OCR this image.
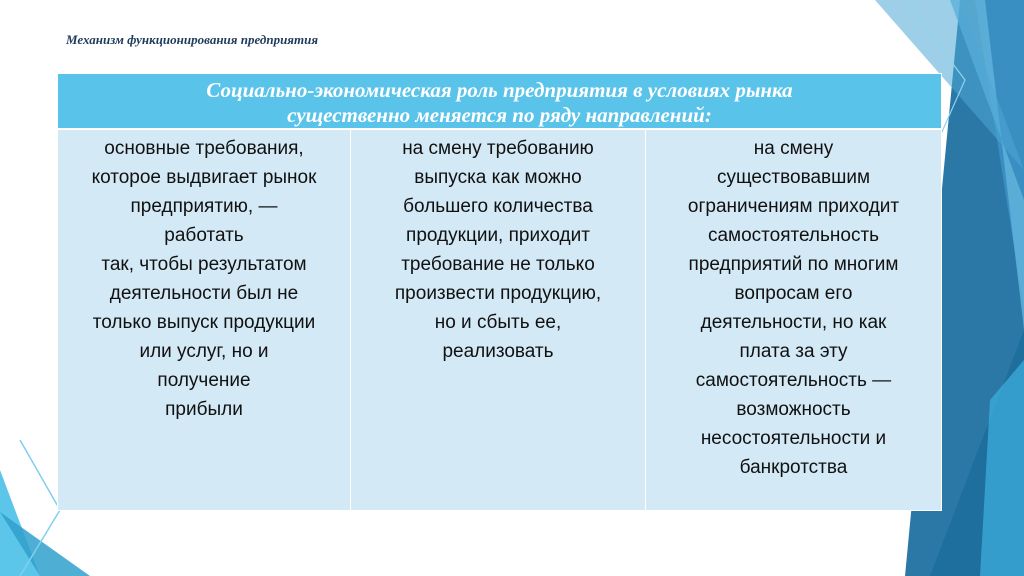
Механизм функционирования предприятия
Социально-экономическая роль предприятия в условиях рынка
существенно меняется по ряду направлений:
основные требования,
которое выдвигает рынок
предприятию, —
работать
так, чтобы результатом
деятельности был не
только выпуск продукции
или услуг, но и
получение
прибыли
на смену требованию
выпуска как можно
большего количества
продукции, приходит
требование не только
произвести продукцию,
но и сбыть ее,
реализовать
на смену
существовавшим
ограничениям приходит
самостоятельность
предприятий по многим
вопросам его
деятельности, но как
плата за эту
самостоятельность —
возможность
несостоятельности и
банкротства
